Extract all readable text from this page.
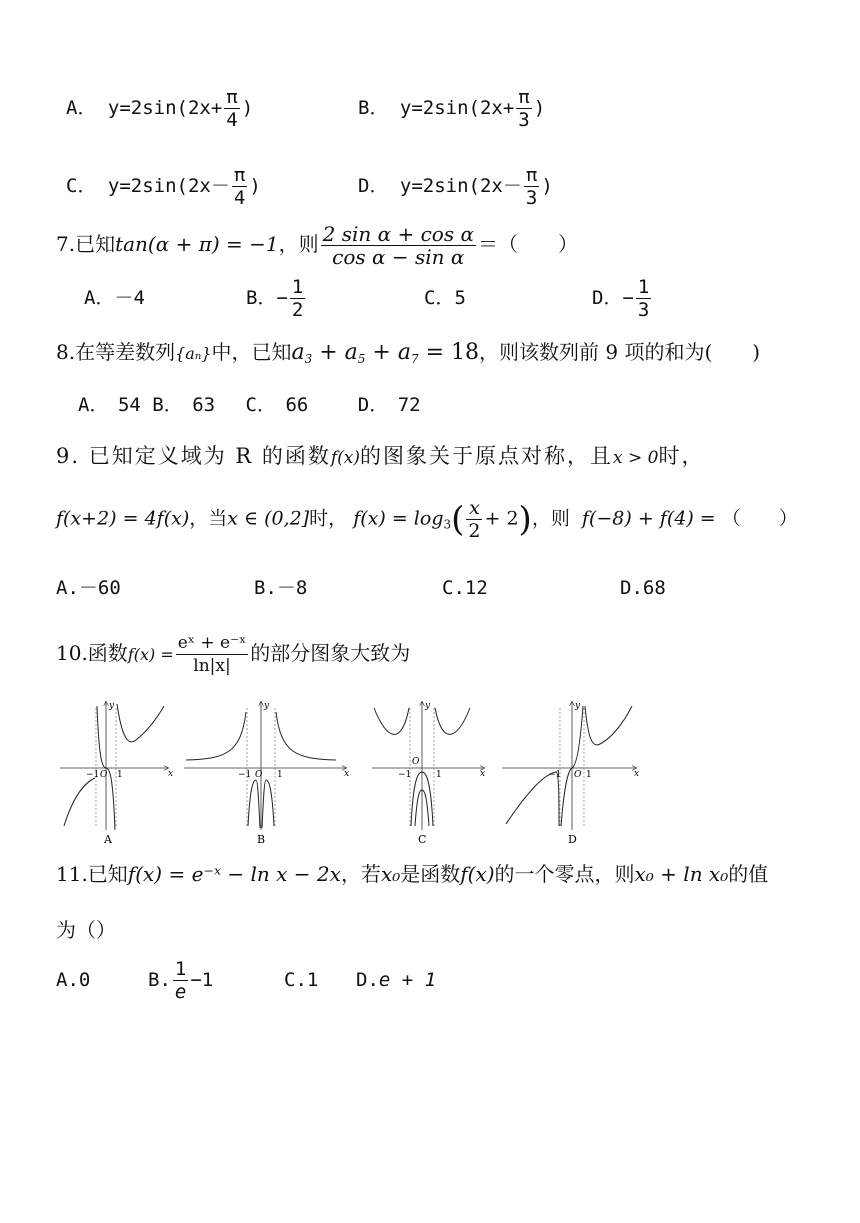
A． $y=2\sin(2x+ \frac{\pi}{4}$ )	B． $y=2\sin(2x+ \frac{\pi}{3}$ )
C． $y=2\sin(2x- \frac{\pi}{4}$ )	D． $y=2\sin(2x- \frac{\pi}{3}$ )
7.已知tan(α + π) = −1，则 $\frac{\text{2 sin α + cos α}}{\text{cos α − sin α}}$ ＝（　　）
A．－4	B．− $\frac{1}{2}$	C．5	D．− $\frac{1}{3}$
8.在等差数列{aₙ}中，已知$a_3 + a_5 + a_7 = 18$，则该数列前 9 项的和为(　　)
A．　54 B．　63　 C．　66 　　D．　72
9. 已知定义域为 R 的函数f(x)的图象关于原点对称，且x > 0时，
f(x+2) = 4f(x)，当x ∈ (0,2]时， $f(x) = \log_3( \frac{x}{2} + 2)$，则 f(−8) + f(4) = （　　）
A.－60	B.－8	C.12	D.68
10.函数$f(x) = \frac{\text{eˣ + e⁻ˣ}}{\ln|x|}$ 的部分图象大致为
x
y
O
−1 1
A
x
y
O
−1	1
B
x
y
O
−1	1
C
x
y
O
−1	1
D
11.已知f(x) = e⁻ˣ − ln x − 2x，若x₀是函数f(x)的一个零点，则x₀ + ln x₀的值
为（）
A.0	B. $\frac{1}{e} -1$	C.1 D.e + 1
